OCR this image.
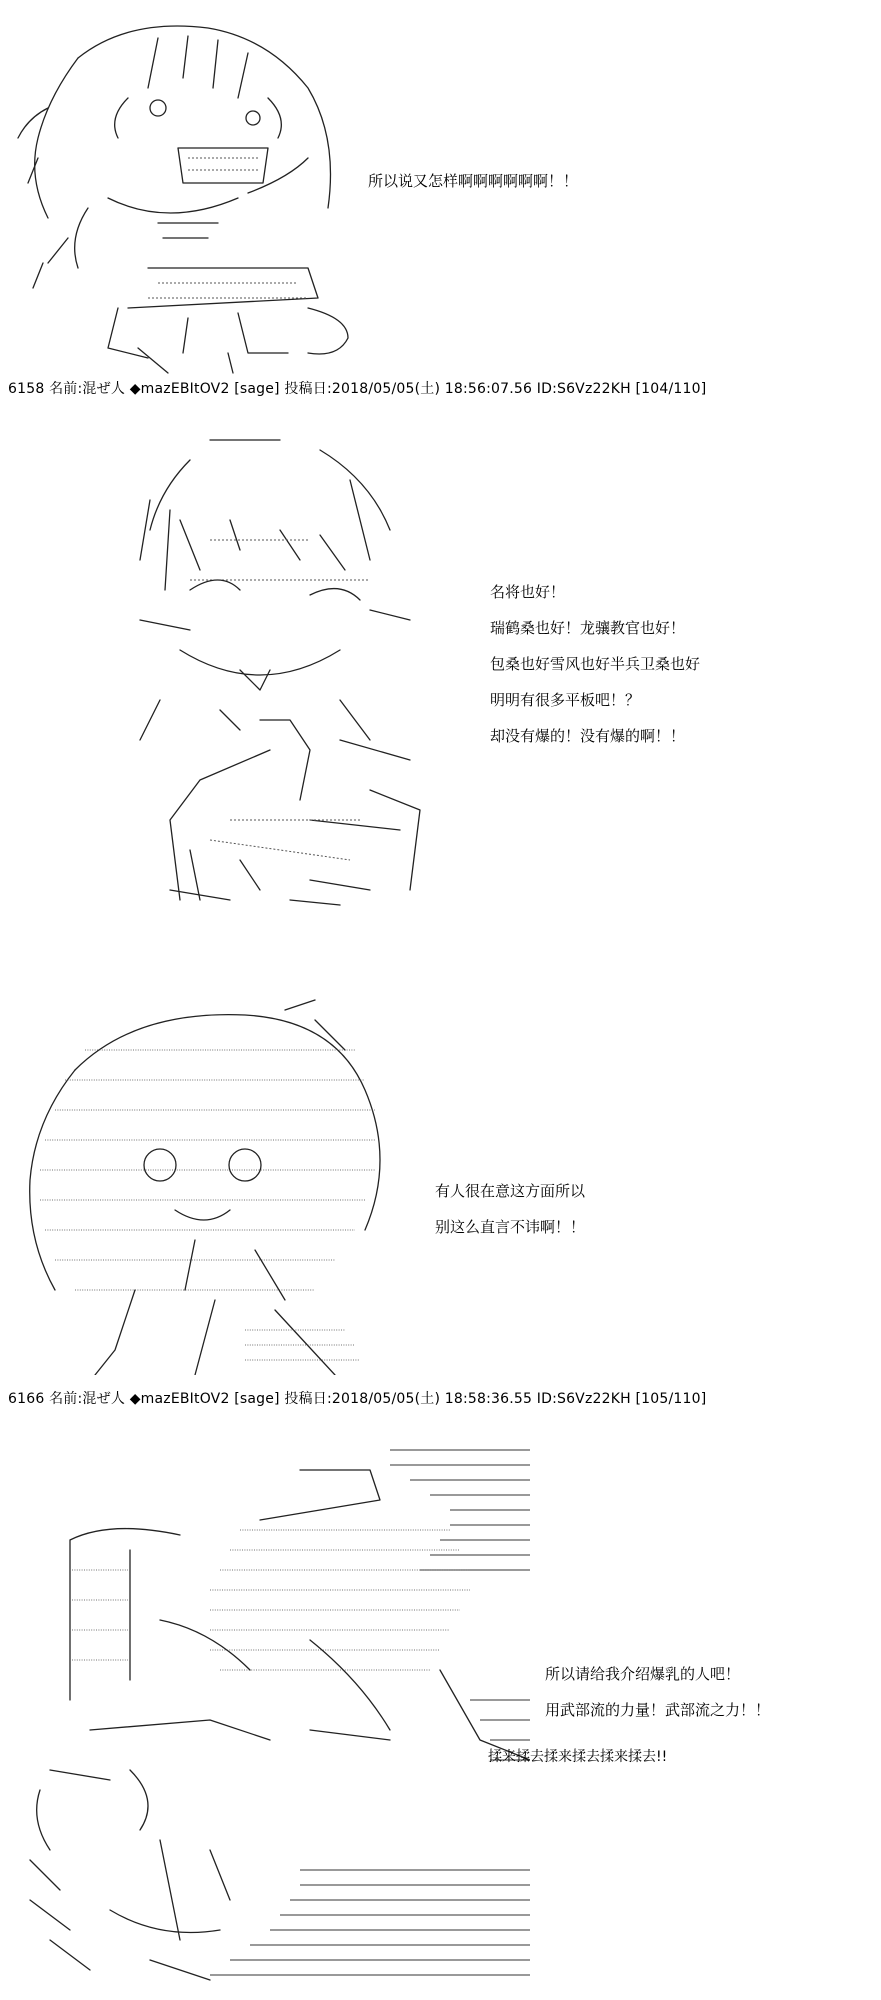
所以说又怎样啊啊啊啊啊啊！！
6158 名前:混ぜ人 ◆mazEBItOV2 [sage] 投稿日:2018/05/05(土) 18:56:07.56 ID:S6Vz22KH [104/110]
名将也好！
瑞鹤桑也好！龙骧教官也好！
包桑也好雪风也好半兵卫桑也好
明明有很多平板吧！？
却没有爆的！没有爆的啊！！
有人很在意这方面所以
别这么直言不讳啊！！
6166 名前:混ぜ人 ◆mazEBItOV2 [sage] 投稿日:2018/05/05(土) 18:58:36.55 ID:S6Vz22KH [105/110]
所以请给我介绍爆乳的人吧！
用武部流的力量！武部流之力！！
揉来揉去揉来揉去揉来揉去!!
